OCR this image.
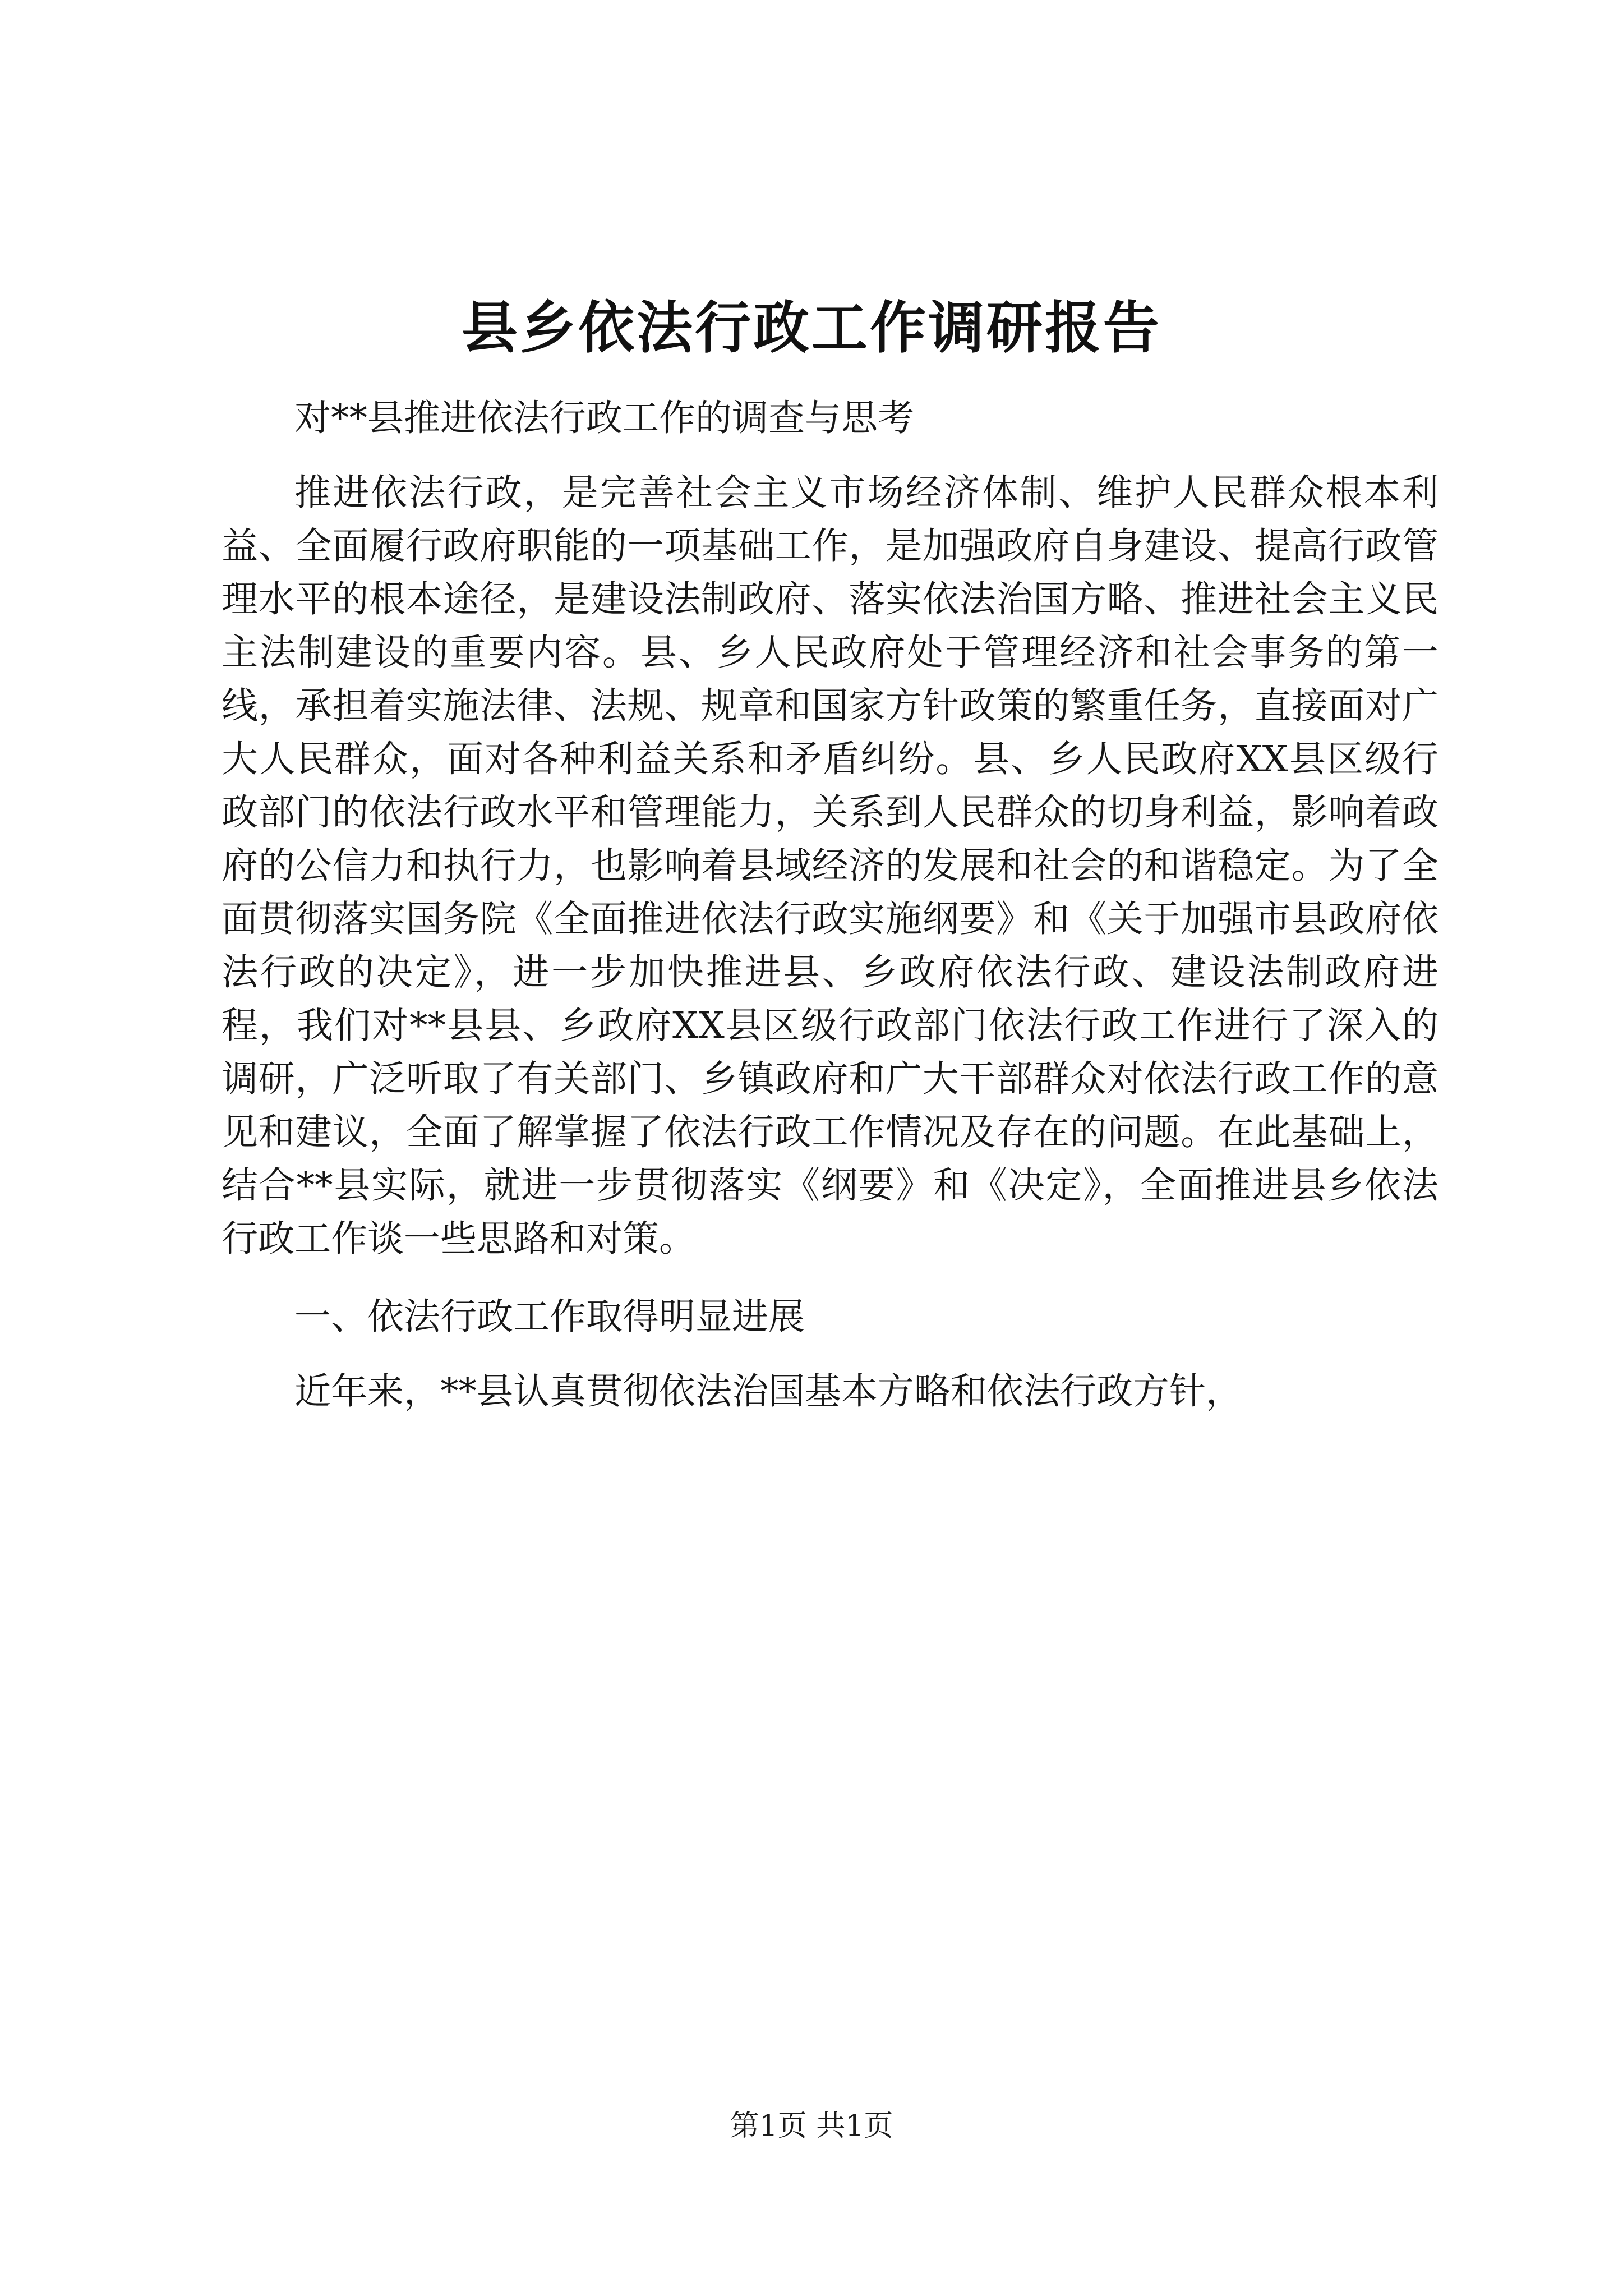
县乡依法行政工作调研报告

对**县推进依法行政工作的调查与思考

推进依法行政，是完善社会主义市场经济体制、维护人民群众根本利益、全面履行政府职能的一项基础工作，是加强政府自身建设、提高行政管理水平的根本途径，是建设法制政府、落实依法治国方略、推进社会主义民主法制建设的重要内容。县、乡人民政府处于管理经济和社会事务的第一线，承担着实施法律、法规、规章和国家方针政策的繁重任务，直接面对广大人民群众，面对各种利益关系和矛盾纠纷。县、乡人民政府XX县区级行政部门的依法行政水平和管理能力，关系到人民群众的切身利益，影响着政府的公信力和执行力，也影响着县域经济的发展和社会的和谐稳定。为了全面贯彻落实国务院《全面推进依法行政实施纲要》和《关于加强市县政府依法行政的决定》，进一步加快推进县、乡政府依法行政、建设法制政府进程，我们对**县县、乡政府XX县区级行政部门依法行政工作进行了深入的调研，广泛听取了有关部门、乡镇政府和广大干部群众对依法行政工作的意见和建议，全面了解掌握了依法行政工作情况及存在的问题。在此基础上，结合**县实际，就进一步贯彻落实《纲要》和《决定》，全面推进县乡依法行政工作谈一些思路和对策。

一、依法行政工作取得明显进展

近年来，**县认真贯彻依法治国基本方略和依法行政方针，

第1页 共1页
